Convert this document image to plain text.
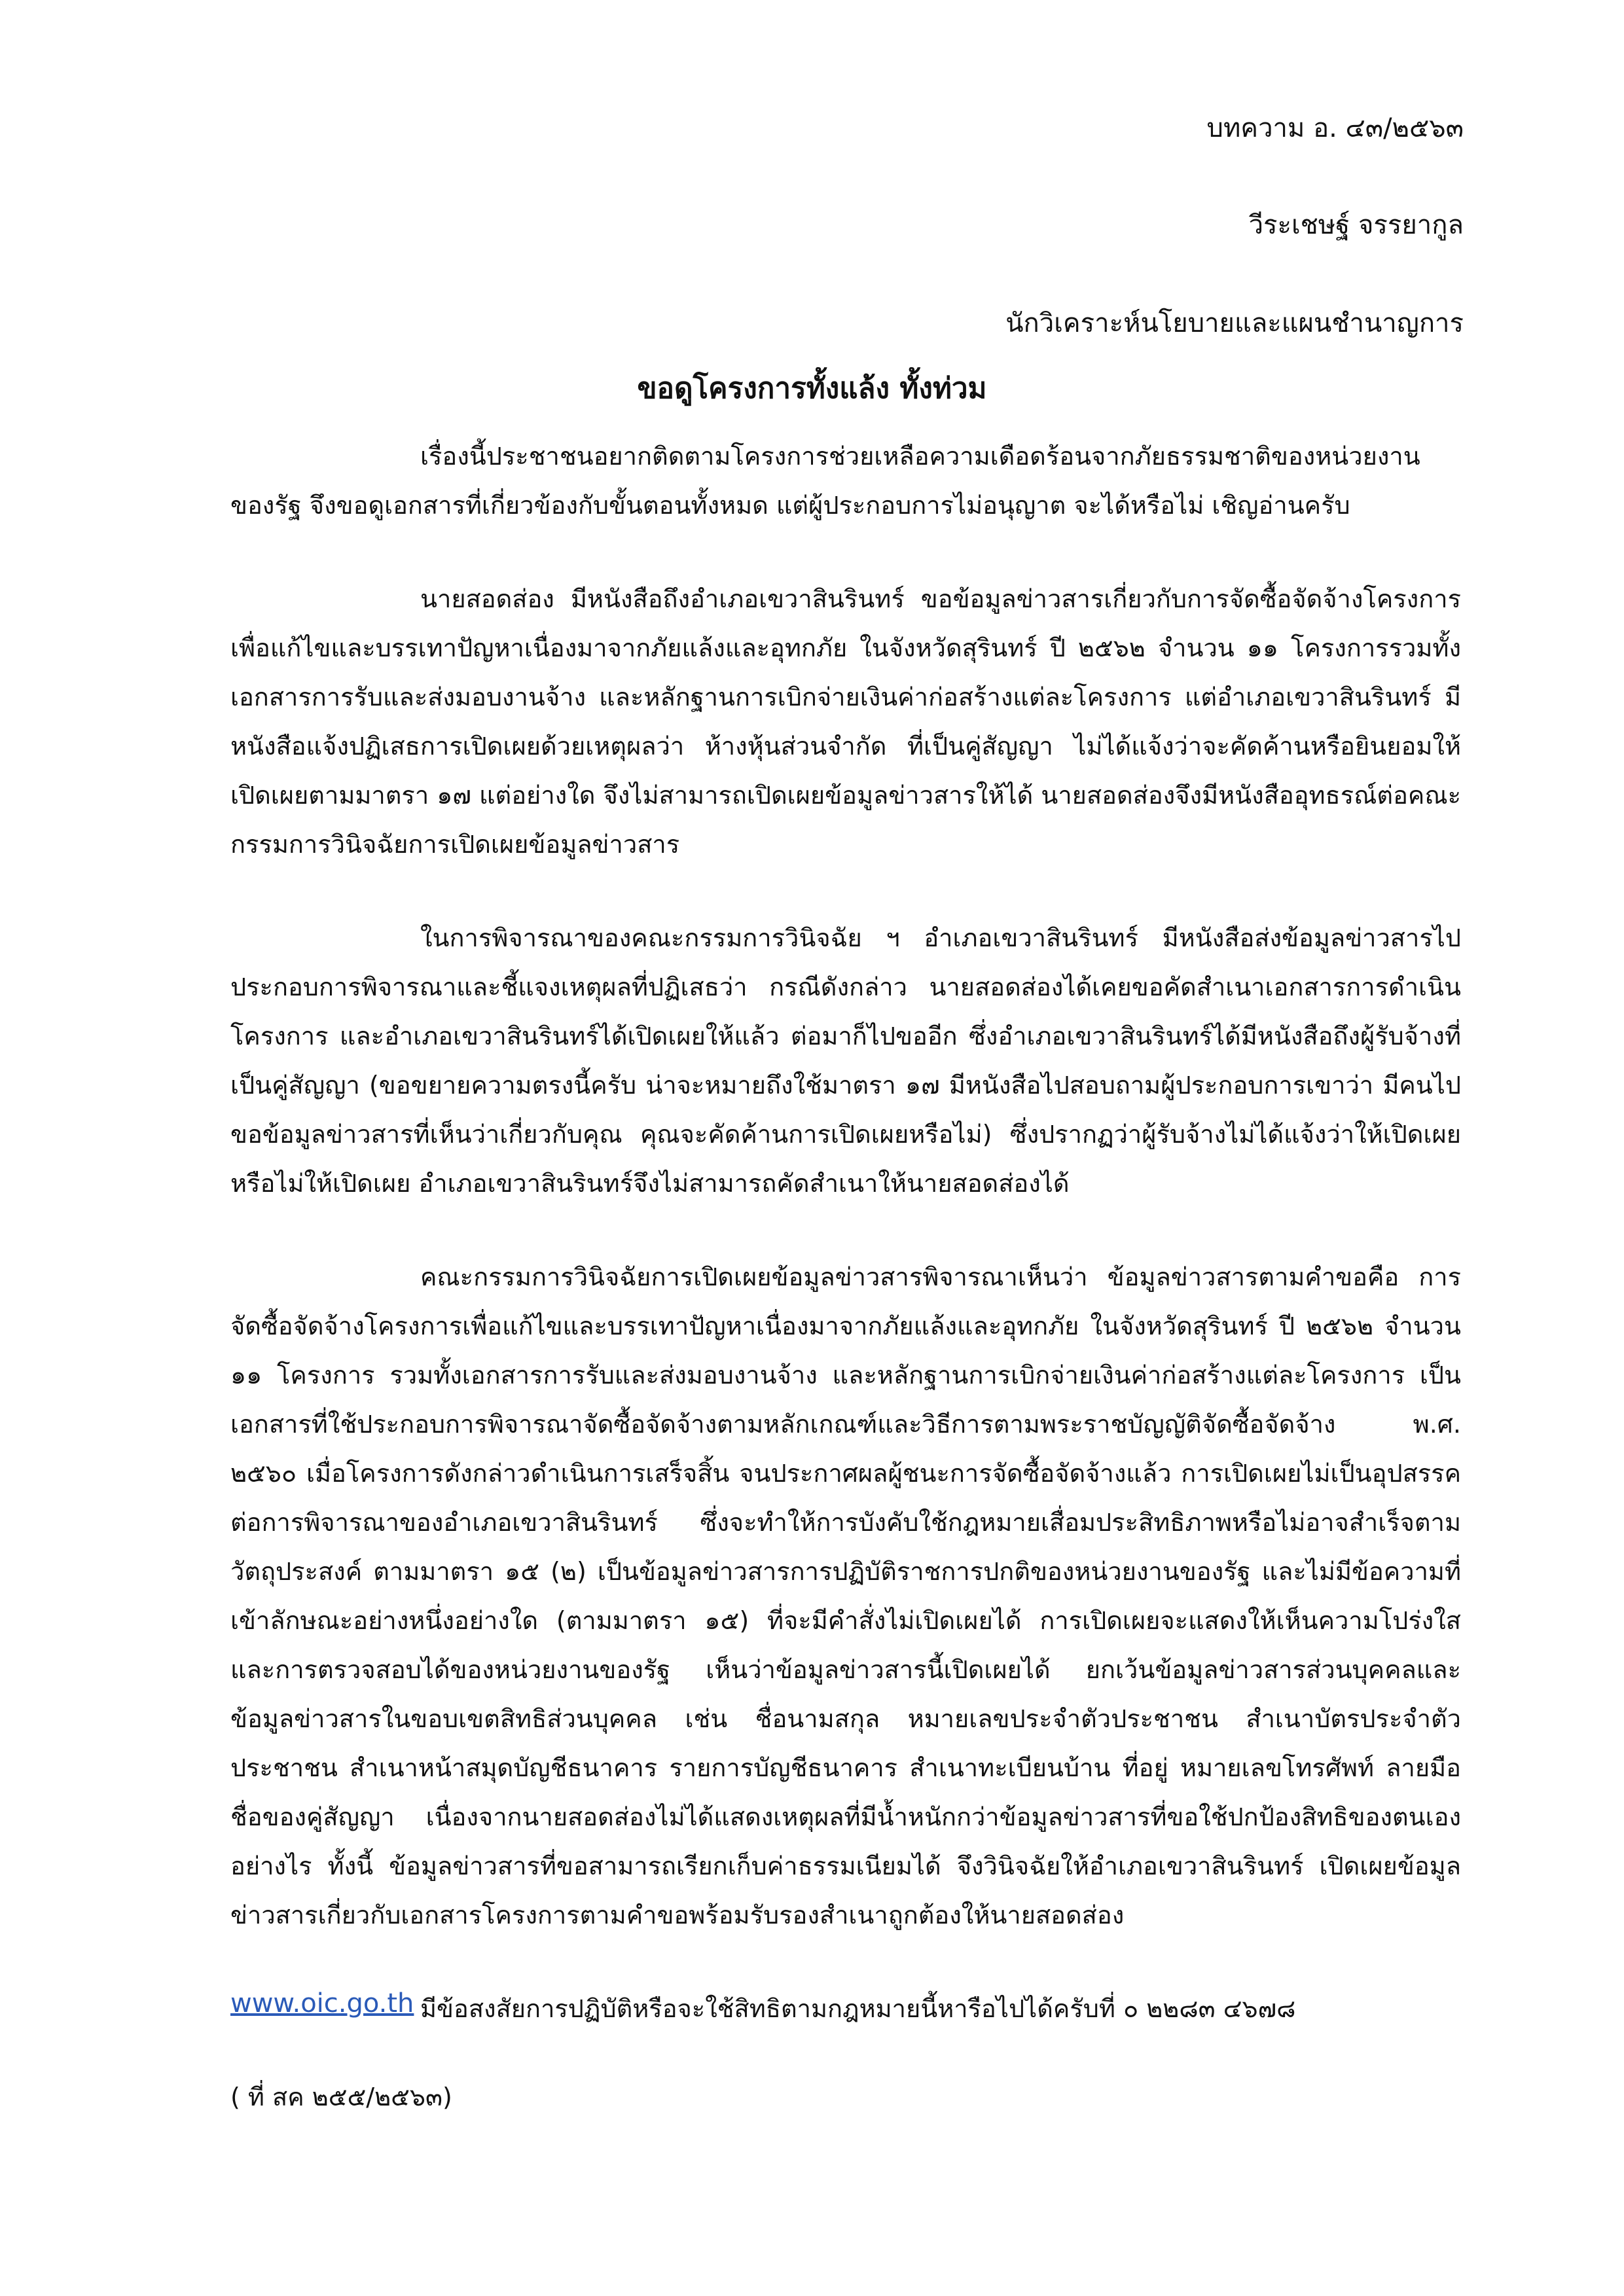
บทความ อ. ๔๓/๒๕๖๓
วีระเชษฐ์ จรรยากูล
นักวิเคราะห์นโยบายและแผนชำนาญการ
ขอดูโครงการทั้งแล้ง ทั้งท่วม

เรื่องนี้ประชาชนอยากติดตามโครงการช่วยเหลือความเดือดร้อนจากภัยธรรมชาติของหน่วยงานของรัฐ จึงขอดูเอกสารที่เกี่ยวข้องกับขั้นตอนทั้งหมด แต่ผู้ประกอบการไม่อนุญาต จะได้หรือไม่ เชิญอ่านครับ

นายสอดส่อง มีหนังสือถึงอำเภอเขวาสินรินทร์ ขอข้อมูลข่าวสารเกี่ยวกับการจัดซื้อจัดจ้างโครงการเพื่อแก้ไขและบรรเทาปัญหาเนื่องมาจากภัยแล้งและอุทกภัย ในจังหวัดสุรินทร์ ปี ๒๕๖๒ จำนวน ๑๑ โครงการรวมทั้งเอกสารการรับและส่งมอบงานจ้าง และหลักฐานการเบิกจ่ายเงินค่าก่อสร้างแต่ละโครงการ แต่อำเภอเขวาสินรินทร์ มีหนังสือแจ้งปฏิเสธการเปิดเผยด้วยเหตุผลว่า ห้างหุ้นส่วนจำกัด ที่เป็นคู่สัญญา ไม่ได้แจ้งว่าจะคัดค้านหรือยินยอมให้เปิดเผยตามมาตรา ๑๗ แต่อย่างใด จึงไม่สามารถเปิดเผยข้อมูลข่าวสารให้ได้ นายสอดส่องจึงมีหนังสืออุทธรณ์ต่อคณะกรรมการวินิจฉัยการเปิดเผยข้อมูลข่าวสาร

ในการพิจารณาของคณะกรรมการวินิจฉัย ฯ อำเภอเขวาสินรินทร์ มีหนังสือส่งข้อมูลข่าวสารไปประกอบการพิจารณาและชี้แจงเหตุผลที่ปฏิเสธว่า กรณีดังกล่าว นายสอดส่องได้เคยขอคัดสำเนาเอกสารการดำเนินโครงการ และอำเภอเขวาสินรินทร์ได้เปิดเผยให้แล้ว ต่อมาก็ไปขออีก ซึ่งอำเภอเขวาสินรินทร์ได้มีหนังสือถึงผู้รับจ้างที่เป็นคู่สัญญา (ขอขยายความตรงนี้ครับ น่าจะหมายถึงใช้มาตรา ๑๗ มีหนังสือไปสอบถามผู้ประกอบการเขาว่า มีคนไปขอข้อมูลข่าวสารที่เห็นว่าเกี่ยวกับคุณ คุณจะคัดค้านการเปิดเผยหรือไม่) ซึ่งปรากฏว่าผู้รับจ้างไม่ได้แจ้งว่าให้เปิดเผยหรือไม่ให้เปิดเผย อำเภอเขวาสินรินทร์จึงไม่สามารถคัดสำเนาให้นายสอดส่องได้

คณะกรรมการวินิจฉัยการเปิดเผยข้อมูลข่าวสารพิจารณาเห็นว่า ข้อมูลข่าวสารตามคำขอคือ การจัดซื้อจัดจ้างโครงการเพื่อแก้ไขและบรรเทาปัญหาเนื่องมาจากภัยแล้งและอุทกภัย ในจังหวัดสุรินทร์ ปี ๒๕๖๒ จำนวน ๑๑ โครงการ รวมทั้งเอกสารการรับและส่งมอบงานจ้าง และหลักฐานการเบิกจ่ายเงินค่าก่อสร้างแต่ละโครงการ เป็นเอกสารที่ใช้ประกอบการพิจารณาจัดซื้อจัดจ้างตามหลักเกณฑ์และวิธีการตามพระราชบัญญัติจัดซื้อจัดจ้าง พ.ศ. ๒๕๖๐ เมื่อโครงการดังกล่าวดำเนินการเสร็จสิ้น จนประกาศผลผู้ชนะการจัดซื้อจัดจ้างแล้ว การเปิดเผยไม่เป็นอุปสรรคต่อการพิจารณาของอำเภอเขวาสินรินทร์ ซึ่งจะทำให้การบังคับใช้กฎหมายเสื่อมประสิทธิภาพหรือไม่อาจสำเร็จตามวัตถุประสงค์ ตามมาตรา ๑๕ (๒) เป็นข้อมูลข่าวสารการปฏิบัติราชการปกติของหน่วยงานของรัฐ และไม่มีข้อความที่เข้าลักษณะอย่างหนึ่งอย่างใด (ตามมาตรา ๑๕) ที่จะมีคำสั่งไม่เปิดเผยได้ การเปิดเผยจะแสดงให้เห็นความโปร่งใสและการตรวจสอบได้ของหน่วยงานของรัฐ เห็นว่าข้อมูลข่าวสารนี้เปิดเผยได้ ยกเว้นข้อมูลข่าวสารส่วนบุคคลและข้อมูลข่าวสารในขอบเขตสิทธิส่วนบุคคล เช่น ชื่อนามสกุล หมายเลขประจำตัวประชาชน สำเนาบัตรประจำตัวประชาชน สำเนาหน้าสมุดบัญชีธนาคาร รายการบัญชีธนาคาร สำเนาทะเบียนบ้าน ที่อยู่ หมายเลขโทรศัพท์ ลายมือชื่อของคู่สัญญา เนื่องจากนายสอดส่องไม่ได้แสดงเหตุผลที่มีน้ำหนักกว่าข้อมูลข่าวสารที่ขอใช้ปกป้องสิทธิของตนเองอย่างไร ทั้งนี้ ข้อมูลข่าวสารที่ขอสามารถเรียกเก็บค่าธรรมเนียมได้ จึงวินิจฉัยให้อำเภอเขวาสินรินทร์ เปิดเผยข้อมูลข่าวสารเกี่ยวกับเอกสารโครงการตามคำขอพร้อมรับรองสำเนาถูกต้องให้นายสอดส่อง

มีข้อสงสัยการปฏิบัติหรือจะใช้สิทธิตามกฎหมายนี้หารือไปได้ครับที่ ๐ ๒๒๘๓ ๔๖๗๘

www.oic.go.th
( ที่ สค ๒๕๕/๒๕๖๓)
